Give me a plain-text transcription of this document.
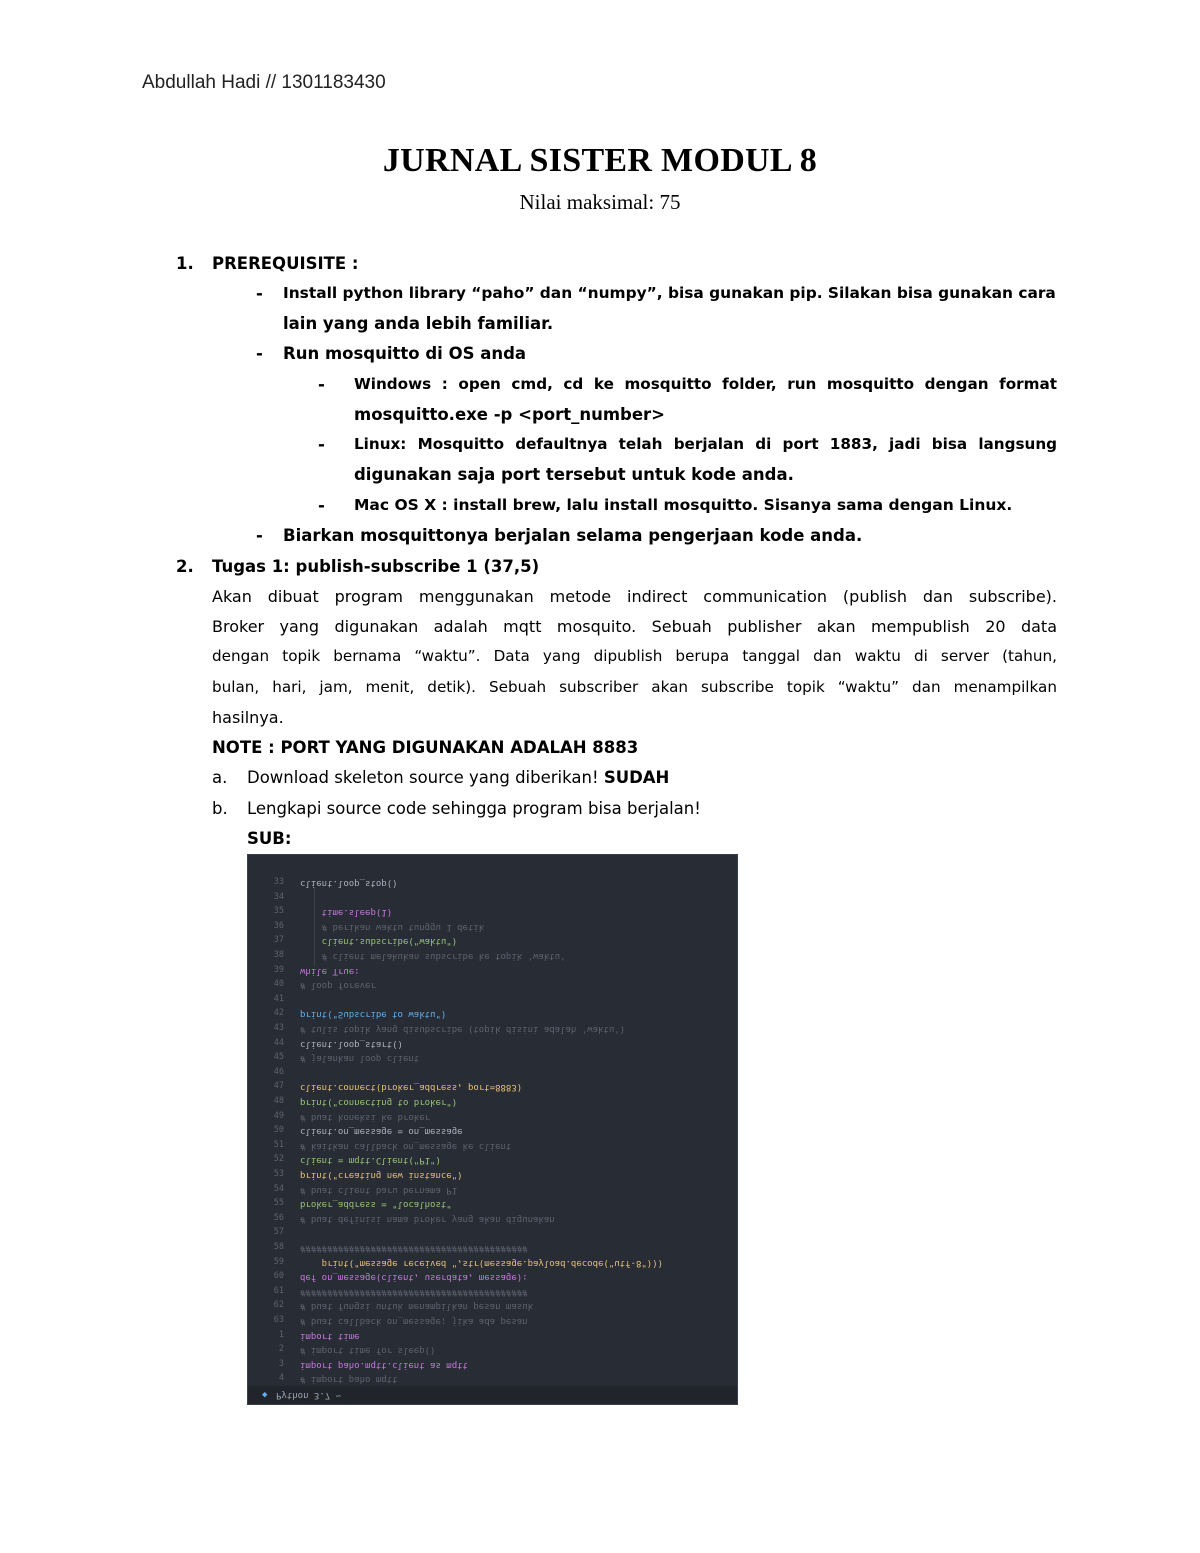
Abdullah Hadi // 1301183430
JURNAL SISTER MODUL 8
Nilai maksimal: 75
1. PREREQUISITE :
- Install python library “paho” dan “numpy”, bisa gunakan pip. Silakan bisa gunakan cara
lain yang anda lebih familiar.
- Run mosquitto di OS anda
- Windows : open cmd, cd ke mosquitto folder, run mosquitto dengan format
mosquitto.exe -p <port_number>
- Linux: Mosquitto defaultnya telah berjalan di port 1883, jadi bisa langsung
digunakan saja port tersebut untuk kode anda.
- Mac OS X : install brew, lalu install mosquitto. Sisanya sama dengan Linux.
- Biarkan mosquittonya berjalan selama pengerjaan kode anda.
2. Tugas 1: publish-subscribe 1 (37,5)
Akan dibuat program menggunakan metode indirect communication (publish dan subscribe).
Broker yang digunakan adalah mqtt mosquito. Sebuah publisher akan mempublish 20 data
dengan topik bernama “waktu”. Data yang dipublish berupa tanggal dan waktu di server (tahun,
bulan, hari, jam, menit, detik). Sebuah subscriber akan subscribe topik “waktu” dan menampilkan
hasilnya.
NOTE : PORT YANG DIGUNAKAN ADALAH 8883
a. Download skeleton source yang diberikan! SUDAH
b. Lengkapi source code sehingga program bisa berjalan!
SUB:
33 client.loop_stop()
34
35 time.sleep(1)
36 # berikan waktu tunggu 1 detik
37 client.subscribe("waktu")
38 # client melakukan subscribe ke topik 'waktu'
39 while True:
40 # loop forever
41
42 print("Subscribe to waktu")
43 # tulis topik yang disubscribe (topik disini adalah 'waktu')
44 client.loop_start()
45 # jalankan loop client
46
47 client.connect(broker_address, port=8883)
48 print("connecting to broker")
49 # buat koneksi ke broker
50 client.on_message = on_message
51 # kaitkan callback on_message ke client
52 client = mqtt.Client("P1")
53 print("creating new instance")
54 # buat client baru bernama P1
55 broker_address = "localhost"
56 # buat definisi nama broker yang akan digunakan
57
58 ##########################################
59 print("message received ",str(message.payload.decode("utf-8")))
60 def on_message(client, userdata, message):
61 ##########################################
62 # buat fungsi untuk menampilkan pesan masuk
63 # buat callback on_message; jika ada pesan
1 import time
2 # import time for sleep()
3 import paho.mqtt.client as mqtt
4 # import paho mqtt
◆ Python 3.7 ~
